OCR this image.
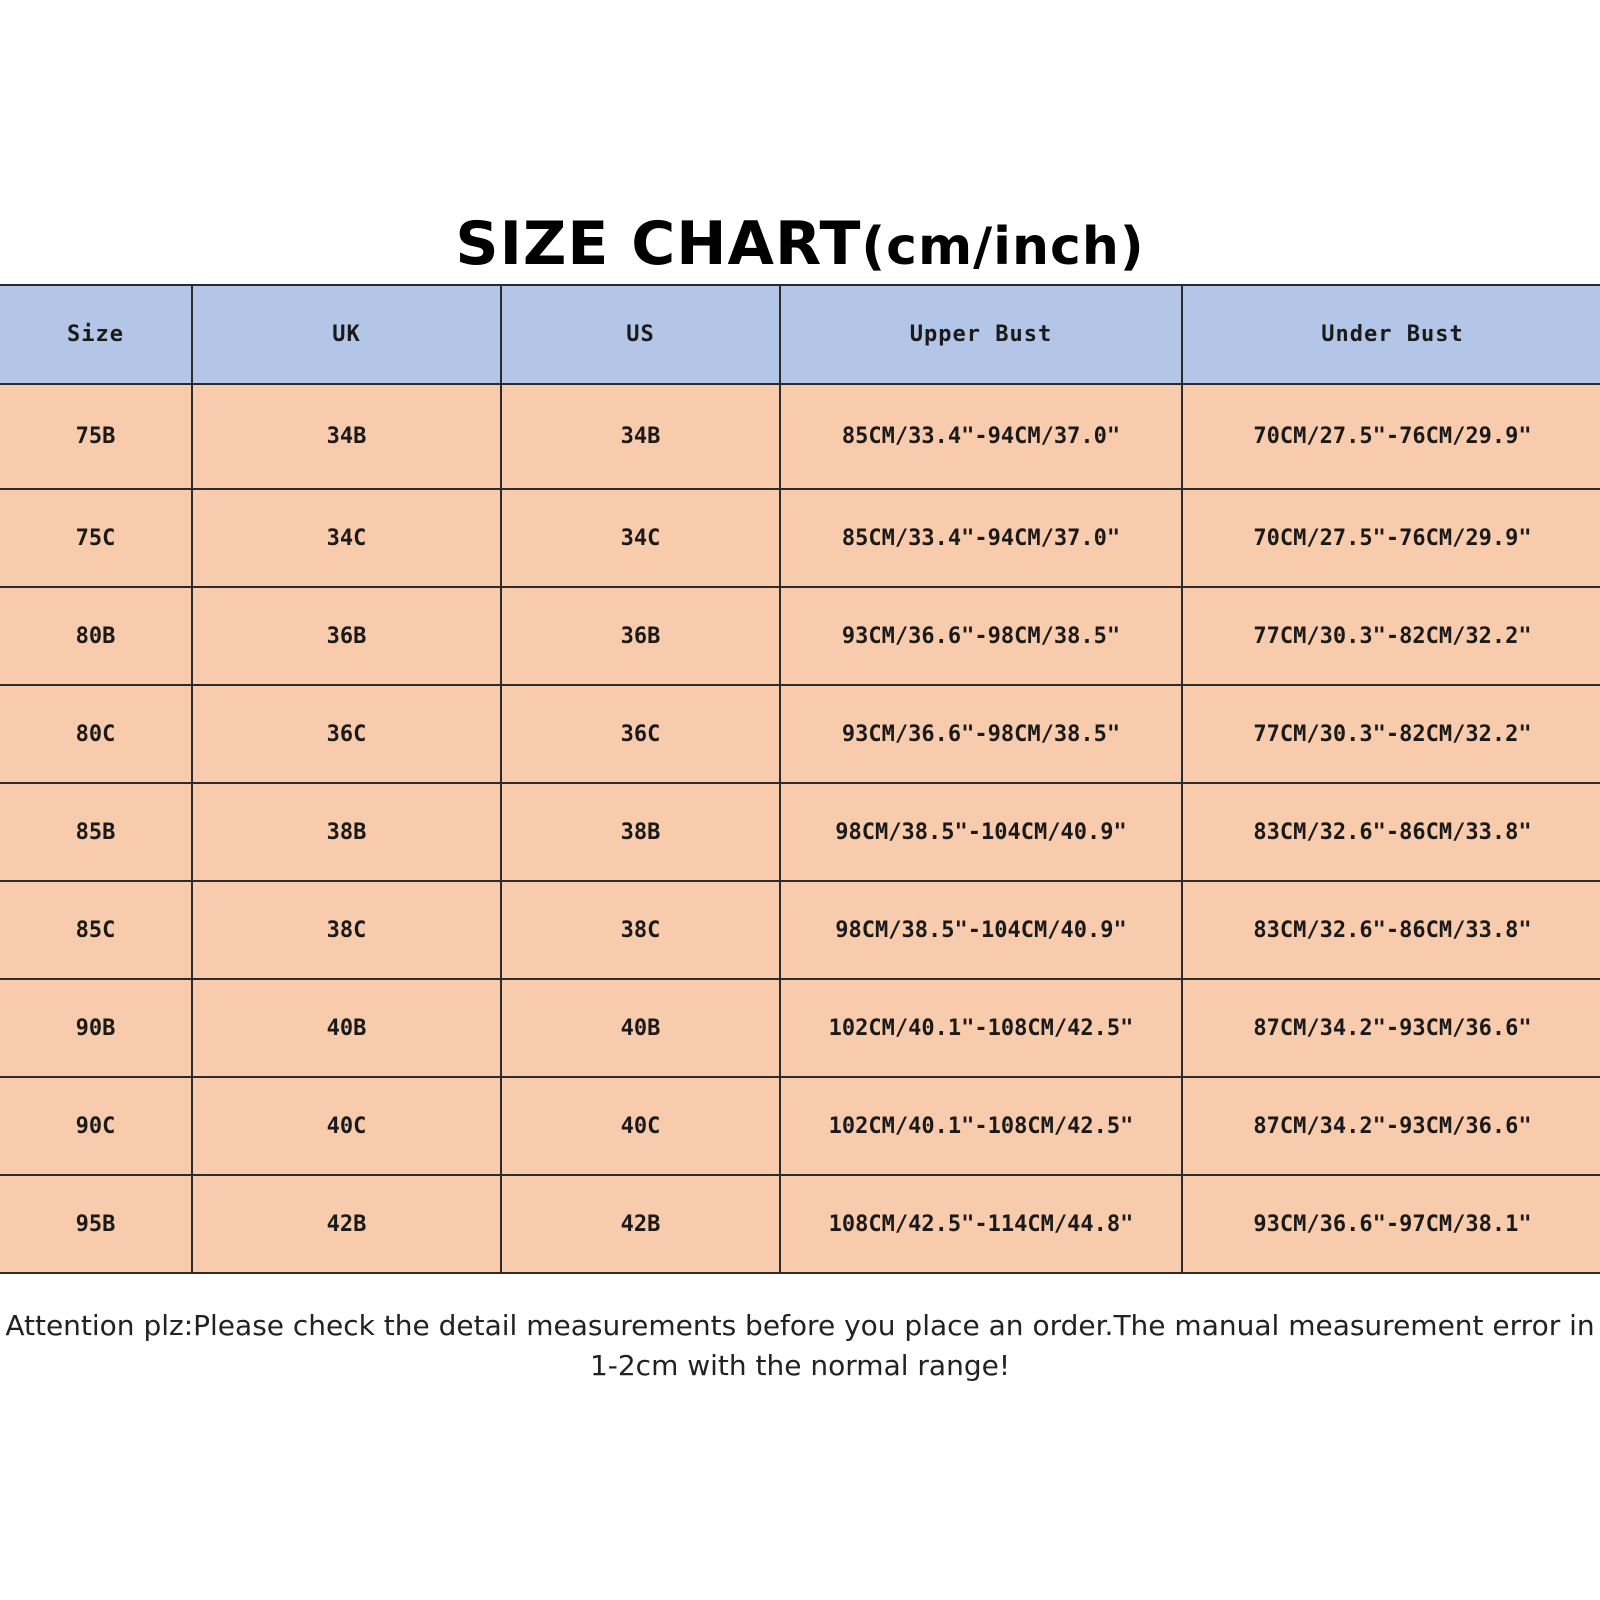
SIZE CHART(cm/inch)
Size	UK	US	Upper Bust	Under Bust
75B	34B	34B	85CM/33.4"-94CM/37.0"	70CM/27.5"-76CM/29.9"
75C	34C	34C	85CM/33.4"-94CM/37.0"	70CM/27.5"-76CM/29.9"
80B	36B	36B	93CM/36.6"-98CM/38.5"	77CM/30.3"-82CM/32.2"
80C	36C	36C	93CM/36.6"-98CM/38.5"	77CM/30.3"-82CM/32.2"
85B	38B	38B	98CM/38.5"-104CM/40.9"	83CM/32.6"-86CM/33.8"
85C	38C	38C	98CM/38.5"-104CM/40.9"	83CM/32.6"-86CM/33.8"
90B	40B	40B	102CM/40.1"-108CM/42.5"	87CM/34.2"-93CM/36.6"
90C	40C	40C	102CM/40.1"-108CM/42.5"	87CM/34.2"-93CM/36.6"
95B	42B	42B	108CM/42.5"-114CM/44.8"	93CM/36.6"-97CM/38.1"
Attention plz:Please check the detail measurements before you place an order.The manual measurement error in
1-2cm with the normal range!
